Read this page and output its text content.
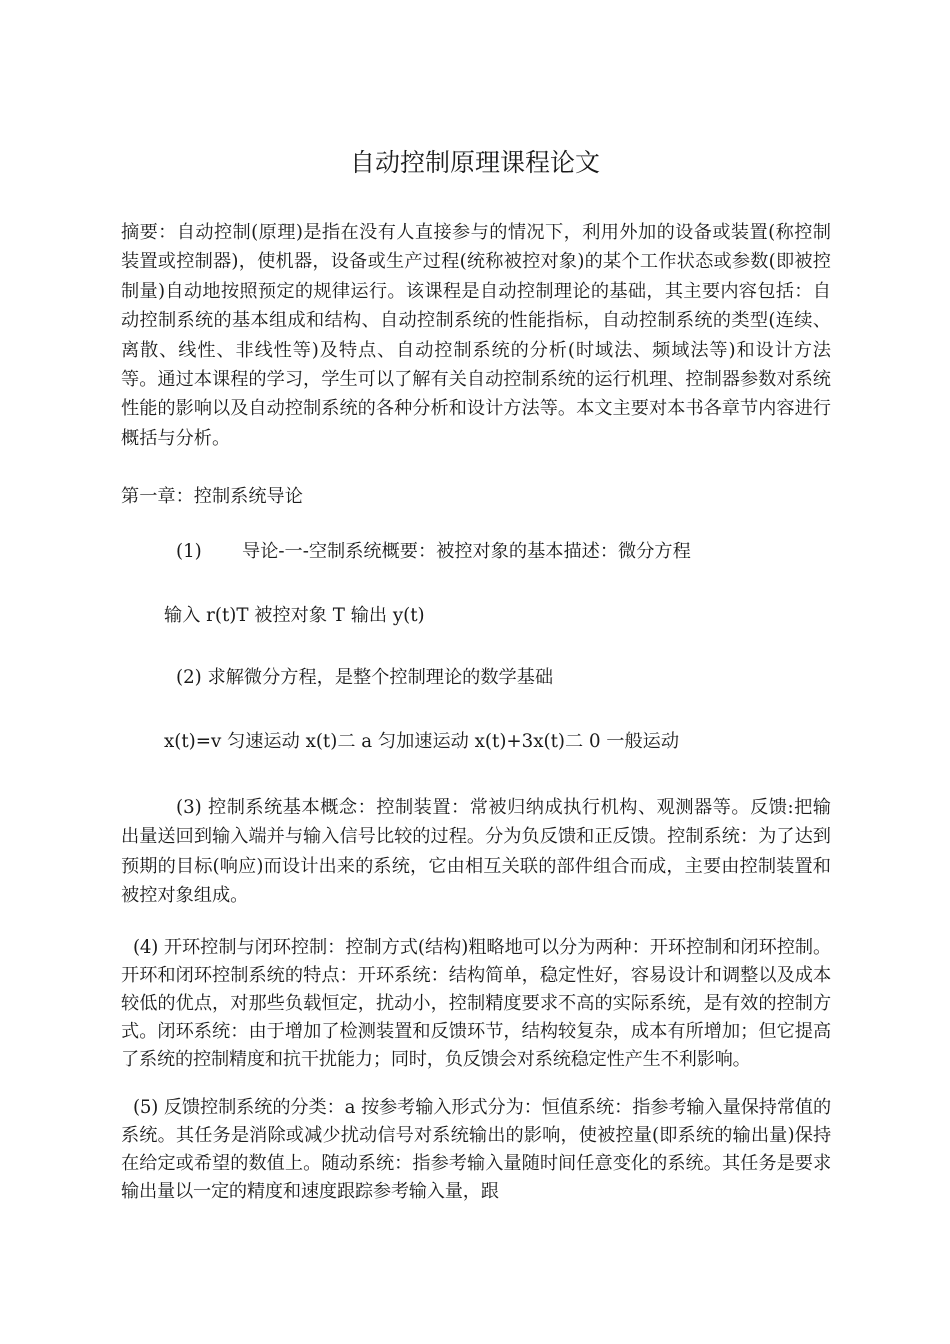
自动控制原理课程论文

摘要：自动控制(原理)是指在没有人直接参与的情况下，利用外加的设备或装置(称控制装置或控制器)，使机器，设备或生产过程(统称被控对象)的某个工作状态或参数(即被控制量)自动地按照预定的规律运行。该课程是自动控制理论的基础，其主要内容包括：自动控制系统的基本组成和结构、自动控制系统的性能指标，自动控制系统的类型(连续、离散、线性、非线性等)及特点、自动控制系统的分析(时域法、频域法等)和设计方法等。通过本课程的学习，学生可以了解有关自动控制系统的运行机理、控制器参数对系统性能的影响以及自动控制系统的各种分析和设计方法等。本文主要对本书各章节内容进行概括与分析。

第一章：控制系统导论

(1) 导论-一-空制系统概要：被控对象的基本描述：微分方程

输入 r(t)T 被控对象 T 输出 y(t)

(2) 求解微分方程，是整个控制理论的数学基础

x(t)=v 匀速运动 x(t)二 a 匀加速运动 x(t)+3x(t)二 0 一般运动

(3) 控制系统基本概念：控制装置：常被归纳成执行机构、观测器等。反馈:把输出量送回到输入端并与输入信号比较的过程。分为负反馈和正反馈。控制系统：为了达到预期的目标(响应)而设计出来的系统，它由相互关联的部件组合而成，主要由控制装置和被控对象组成。

(4) 开环控制与闭环控制：控制方式(结构)粗略地可以分为两种：开环控制和闭环控制。开环和闭环控制系统的特点：开环系统：结构简单，稳定性好，容易设计和调整以及成本较低的优点，对那些负载恒定，扰动小，控制精度要求不高的实际系统，是有效的控制方式。闭环系统：由于增加了检测装置和反馈环节，结构较复杂，成本有所增加；但它提高了系统的控制精度和抗干扰能力；同时，负反馈会对系统稳定性产生不利影响。

(5) 反馈控制系统的分类：a 按参考输入形式分为：恒值系统：指参考输入量保持常值的系统。其任务是消除或减少扰动信号对系统输出的影响，使被控量(即系统的输出量)保持在给定或希望的数值上。随动系统：指参考输入量随时间任意变化的系统。其任务是要求输出量以一定的精度和速度跟踪参考输入量，跟
